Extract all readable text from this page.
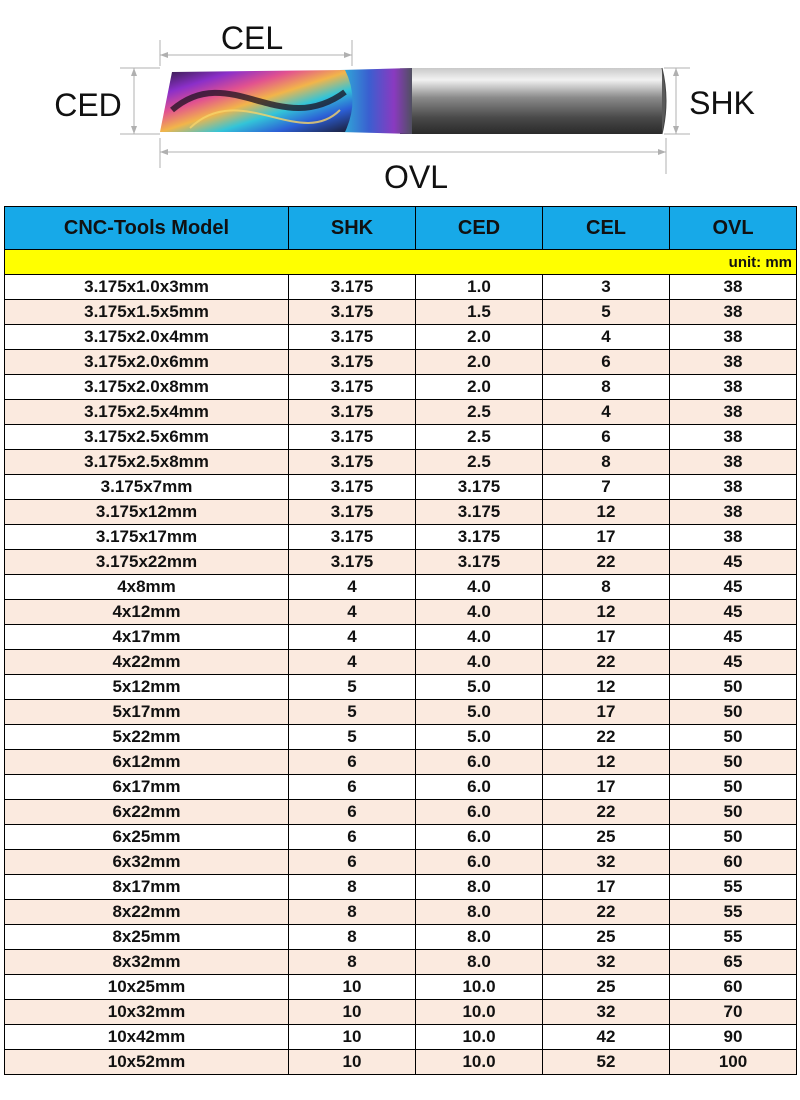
CEL
CED	SHK
OVL
CNC-Tools Model	SHK	CED	CEL	OVL
unit: mm				
3.175x1.0x3mm	3.175	1.0	3	38
3.175x1.5x5mm	3.175	1.5	5	38
3.175x2.0x4mm	3.175	2.0	4	38
3.175x2.0x6mm	3.175	2.0	6	38
3.175x2.0x8mm	3.175	2.0	8	38
3.175x2.5x4mm	3.175	2.5	4	38
3.175x2.5x6mm	3.175	2.5	6	38
3.175x2.5x8mm	3.175	2.5	8	38
3.175x7mm	3.175	3.175	7	38
3.175x12mm	3.175	3.175	12	38
3.175x17mm	3.175	3.175	17	38
3.175x22mm	3.175	3.175	22	45
4x8mm	4	4.0	8	45
4x12mm	4	4.0	12	45
4x17mm	4	4.0	17	45
4x22mm	4	4.0	22	45
5x12mm	5	5.0	12	50
5x17mm	5	5.0	17	50
5x22mm	5	5.0	22	50
6x12mm	6	6.0	12	50
6x17mm	6	6.0	17	50
6x22mm	6	6.0	22	50
6x25mm	6	6.0	25	50
6x32mm	6	6.0	32	60
8x17mm	8	8.0	17	55
8x22mm	8	8.0	22	55
8x25mm	8	8.0	25	55
8x32mm	8	8.0	32	65
10x25mm	10	10.0	25	60
10x32mm	10	10.0	32	70
10x42mm	10	10.0	42	90
10x52mm	10	10.0	52	100
